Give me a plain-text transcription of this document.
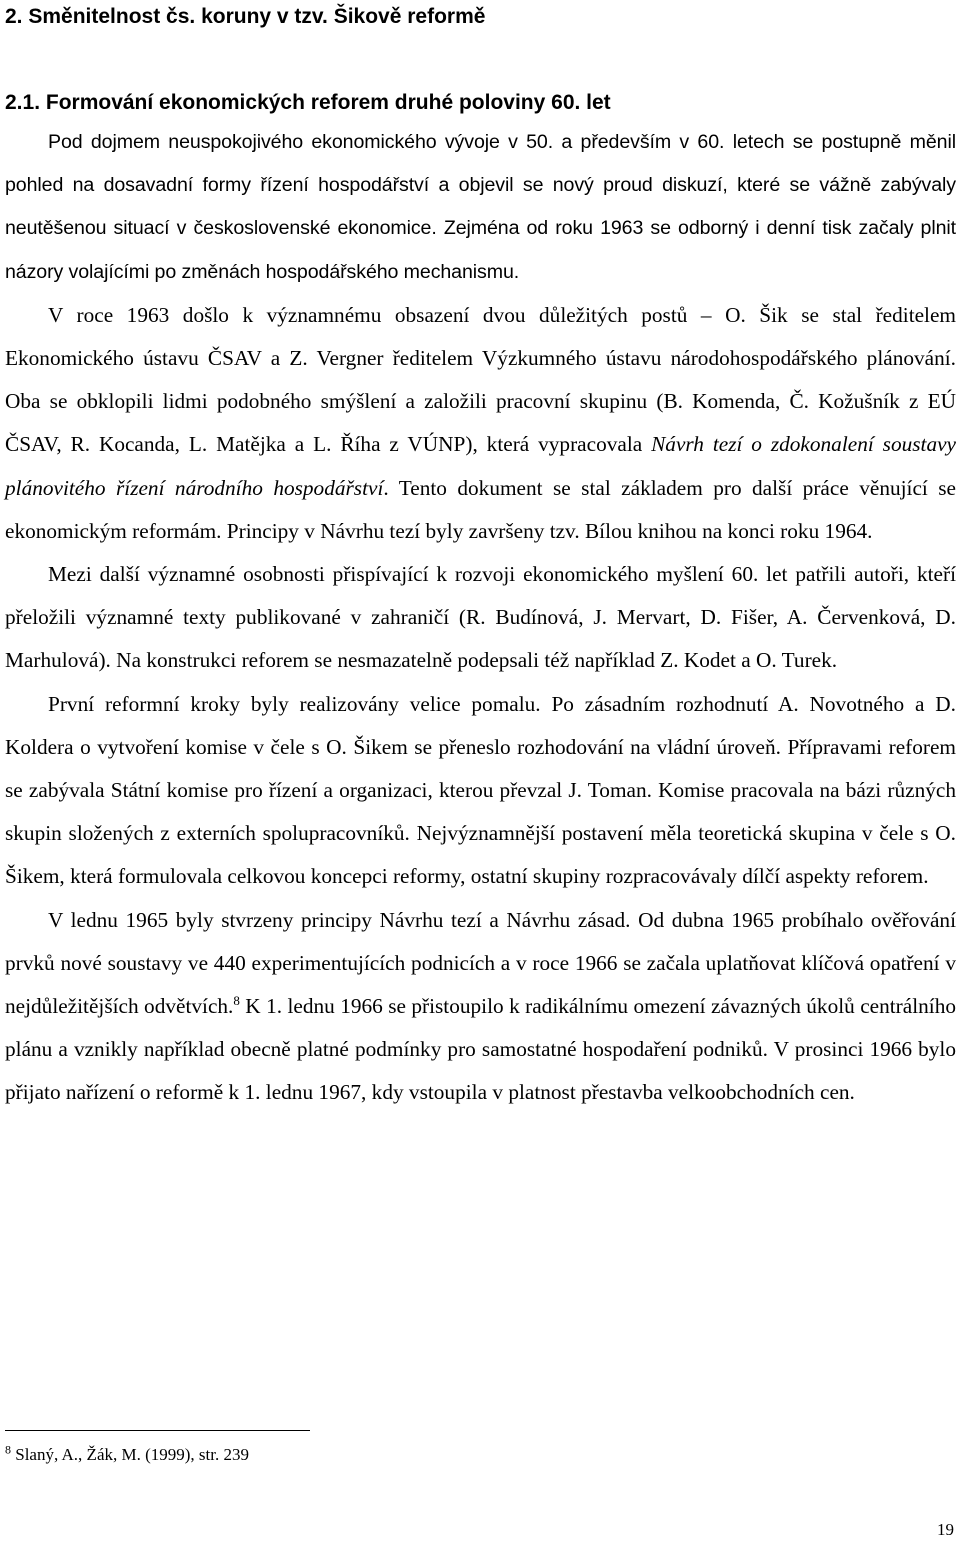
2. Směnitelnost čs. koruny v tzv. Šikově reformě
2.1. Formování ekonomických reforem druhé poloviny 60. let

Pod dojmem neuspokojivého ekonomického vývoje v 50. a především v 60. letech se postupně měnil pohled na dosavadní formy řízení hospodářství a objevil se nový proud diskuzí, které se vážně zabývaly neutěšenou situací v československé ekonomice. Zejména od roku 1963 se odborný i denní tisk začaly plnit názory volajícími po změnách hospodářského mechanismu.

V roce 1963 došlo k významnému obsazení dvou důležitých postů – O. Šik se stal ředitelem Ekonomického ústavu ČSAV a Z. Vergner ředitelem Výzkumného ústavu národohospodářského plánování. Oba se obklopili lidmi podobného smýšlení a založili pracovní skupinu (B. Komenda, Č. Kožušník z EÚ ČSAV, R. Kocanda, L. Matějka a L. Říha z VÚNP), která vypracovala Návrh tezí o zdokonalení soustavy plánovitého řízení národního hospodářství. Tento dokument se stal základem pro další práce věnující se ekonomickým reformám. Principy v Návrhu tezí byly završeny tzv. Bílou knihou na konci roku 1964.

Mezi další významné osobnosti přispívající k rozvoji ekonomického myšlení 60. let patřili autoři, kteří přeložili významné texty publikované v zahraničí (R. Budínová, J. Mervart, D. Fišer, A. Červenková, D. Marhulová). Na konstrukci reforem se nesmazatelně podepsali též například Z. Kodet a O. Turek.

První reformní kroky byly realizovány velice pomalu. Po zásadním rozhodnutí A. Novotného a D. Koldera o vytvoření komise v čele s O. Šikem se přeneslo rozhodování na vládní úroveň. Přípravami reforem se zabývala Státní komise pro řízení a organizaci, kterou převzal J. Toman. Komise pracovala na bázi různých skupin složených z externích spolupracovníků. Nejvýznamnější postavení měla teoretická skupina v čele s O. Šikem, která formulovala celkovou koncepci reformy, ostatní skupiny rozpracovávaly dílčí aspekty reforem.

V lednu 1965 byly stvrzeny principy Návrhu tezí a Návrhu zásad. Od dubna 1965 probíhalo ověřování prvků nové soustavy ve 440 experimentujících podnicích a v roce 1966 se začala uplatňovat klíčová opatření v nejdůležitějších odvětvích.$^8$ K 1. lednu 1966 se přistoupilo k radikálnímu omezení závazných úkolů centrálního plánu a vznikly například obecně platné podmínky pro samostatné hospodaření podniků. V prosinci 1966 bylo přijato nařízení o reformě k 1. lednu 1967, kdy vstoupila v platnost přestavba velkoobchodních cen.

$^8$ Slaný, A., Žák, M. (1999), str. 239
19
